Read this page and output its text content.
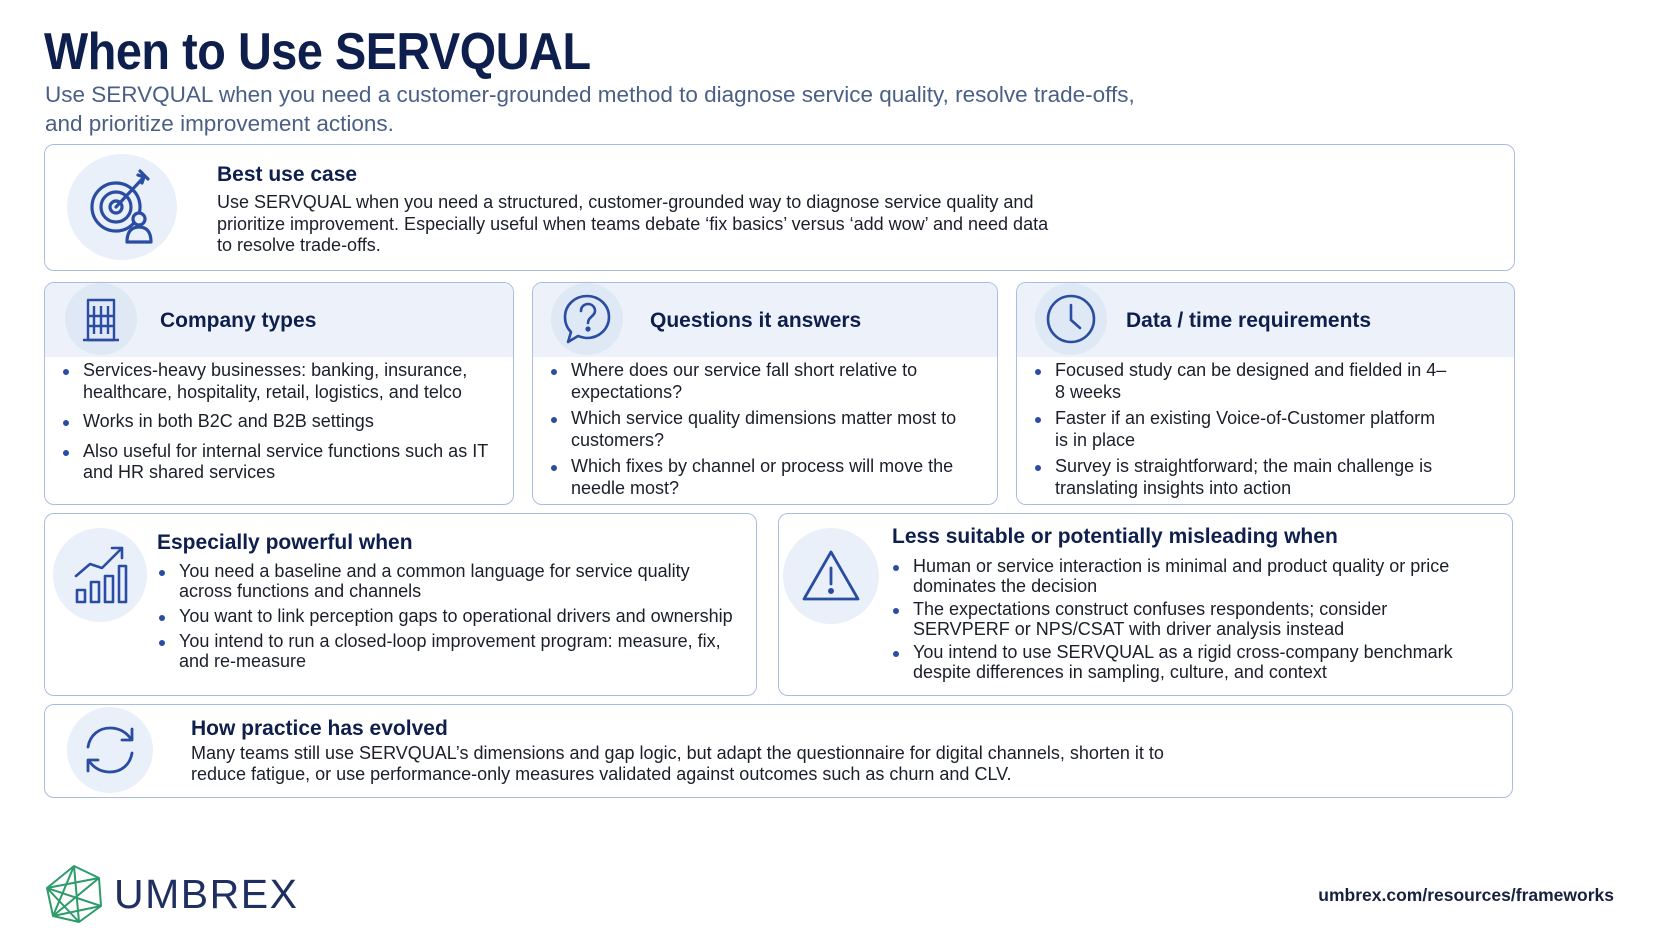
When to Use SERVQUAL
Use SERVQUAL when you need a customer-grounded method to diagnose service quality, resolve trade-offs, and prioritize improvement actions.
Best use case
Use SERVQUAL when you need a structured, customer-grounded way to diagnose service quality and prioritize improvement. Especially useful when teams debate ‘fix basics’ versus ‘add wow’ and need data to resolve trade-offs.
Company types
Services-heavy businesses: banking, insurance, healthcare, hospitality, retail, logistics, and telco
Works in both B2C and B2B settings
Also useful for internal service functions such as IT and HR shared services
Questions it answers
Where does our service fall short relative to expectations?
Which service quality dimensions matter most to customers?
Which fixes by channel or process will move the needle most?
Data / time requirements
Focused study can be designed and fielded in 4–8 weeks
Faster if an existing Voice-of-Customer platform is in place
Survey is straightforward; the main challenge is translating insights into action
Especially powerful when
You need a baseline and a common language for service quality across functions and channels
You want to link perception gaps to operational drivers and ownership
You intend to run a closed-loop improvement program: measure, fix, and re-measure
Less suitable or potentially misleading when
Human or service interaction is minimal and product quality or price dominates the decision
The expectations construct confuses respondents; consider SERVPERF or NPS/CSAT with driver analysis instead
You intend to use SERVQUAL as a rigid cross-company benchmark despite differences in sampling, culture, and context
How practice has evolved
Many teams still use SERVQUAL’s dimensions and gap logic, but adapt the questionnaire for digital channels, shorten it to reduce fatigue, or use performance-only measures validated against outcomes such as churn and CLV.
UMBREX	umbrex.com/resources/frameworks
